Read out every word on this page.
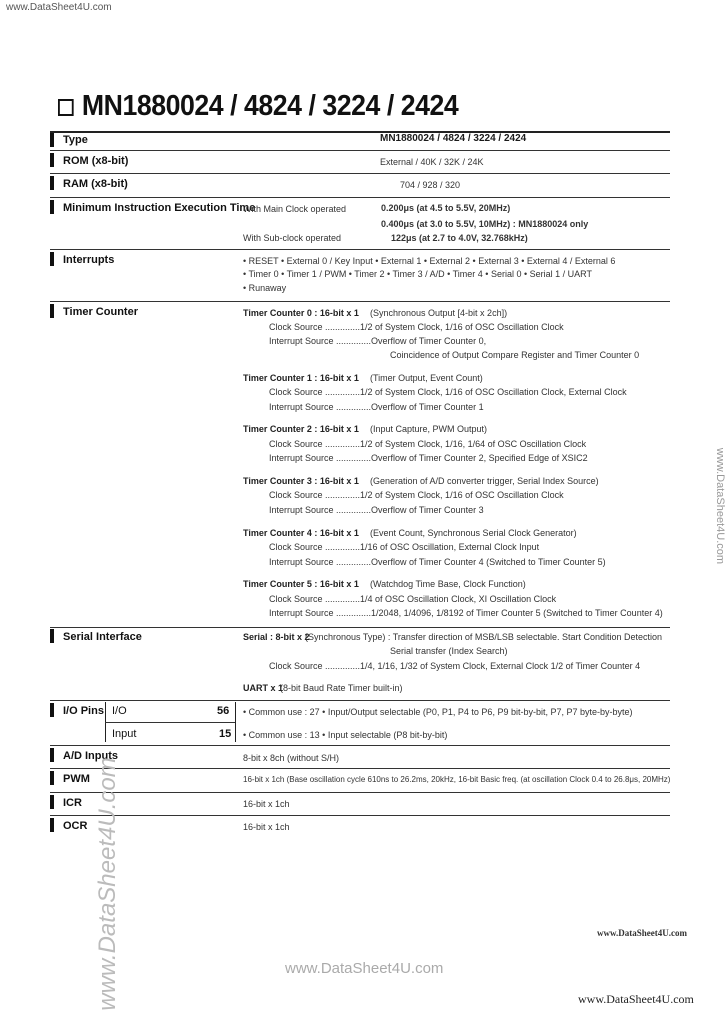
www.DataSheet4U.com
MN1880024 / 4824 / 3224 / 2424
Type	MN1880024 / 4824 / 3224 / 2424
ROM (x8-bit)	External / 40K / 32K / 24K
RAM (x8-bit)	704 / 928 / 320
Minimum Instruction Execution Time
With Main Clock operated	0.200μs (at 4.5 to 5.5V, 20MHz)
0.400μs (at 3.0 to 5.5V, 10MHz) : MN1880024 only
With Sub-clock operated	122μs (at 2.7 to 4.0V, 32.768kHz)
Interrupts	• RESET • External 0 / Key Input • External 1 • External 2 • External 3 • External 4 / External 6
• Timer 0 • Timer 1 / PWM • Timer 2 • Timer 3 / A/D • Timer 4 • Serial 0 • Serial 1 / UART
• Runaway
Timer Counter	Timer Counter 0 : 16-bit x 1 (Synchronous Output [4-bit x 2ch])
Clock Source ..............1/2 of System Clock, 1/16 of OSC Oscillation Clock
Interrupt Source ..............Overflow of Timer Counter 0,
Coincidence of Output Compare Register and Timer Counter 0
Timer Counter 1 : 16-bit x 1 (Timer Output, Event Count)
Clock Source ..............1/2 of System Clock, 1/16 of OSC Oscillation Clock, External Clock
Interrupt Source ..............Overflow of Timer Counter 1
Timer Counter 2 : 16-bit x 1 (Input Capture, PWM Output)
Clock Source ..............1/2 of System Clock, 1/16, 1/64 of OSC Oscillation Clock
Interrupt Source ..............Overflow of Timer Counter 2, Specified Edge of XSIC2
Timer Counter 3 : 16-bit x 1 (Generation of A/D converter trigger, Serial Index Source)
Clock Source ..............1/2 of System Clock, 1/16 of OSC Oscillation Clock
Interrupt Source ..............Overflow of Timer Counter 3
Timer Counter 4 : 16-bit x 1 (Event Count, Synchronous Serial Clock Generator)
Clock Source ..............1/16 of OSC Oscillation, External Clock Input
Interrupt Source ..............Overflow of Timer Counter 4 (Switched to Timer Counter 5)
Timer Counter 5 : 16-bit x 1 (Watchdog Time Base, Clock Function)
Clock Source ..............1/4 of OSC Oscillation Clock, XI Oscillation Clock
Interrupt Source ..............1/2048, 1/4096, 1/8192 of Timer Counter 5 (Switched to Timer Counter 4)
Serial Interface	Serial : 8-bit x 2
(Synchronous Type) : Transfer direction of MSB/LSB selectable. Start Condition Detection
Serial transfer (Index Search)
Clock Source ..............1/4, 1/16, 1/32 of System Clock, External Clock 1/2 of Timer Counter 4
UART x 1
(8-bit Baud Rate Timer built-in)
I/O Pins I/O	56 • Common use : 27 • Input/Output selectable (P0, P1, P4 to P6, P9 bit-by-bit, P7, P7 byte-by-byte)
Input	15 • Common use : 13 • Input selectable (P8 bit-by-bit)
A/D Inputs	8-bit x 8ch (without S/H)
PWM	16-bit x 1ch (Base oscillation cycle 610ns to 26.2ms, 20kHz, 16-bit Basic freq. (at oscillation Clock 0.4 to 26.8μs, 20MHz)
ICR	16-bit x 1ch
OCR	16-bit x 1ch
www.DataSheet4U.com
www.DataSheet4U.com
www.DataSheet4U.com
www.DataSheet4U.com
www.DataSheet4U.com
